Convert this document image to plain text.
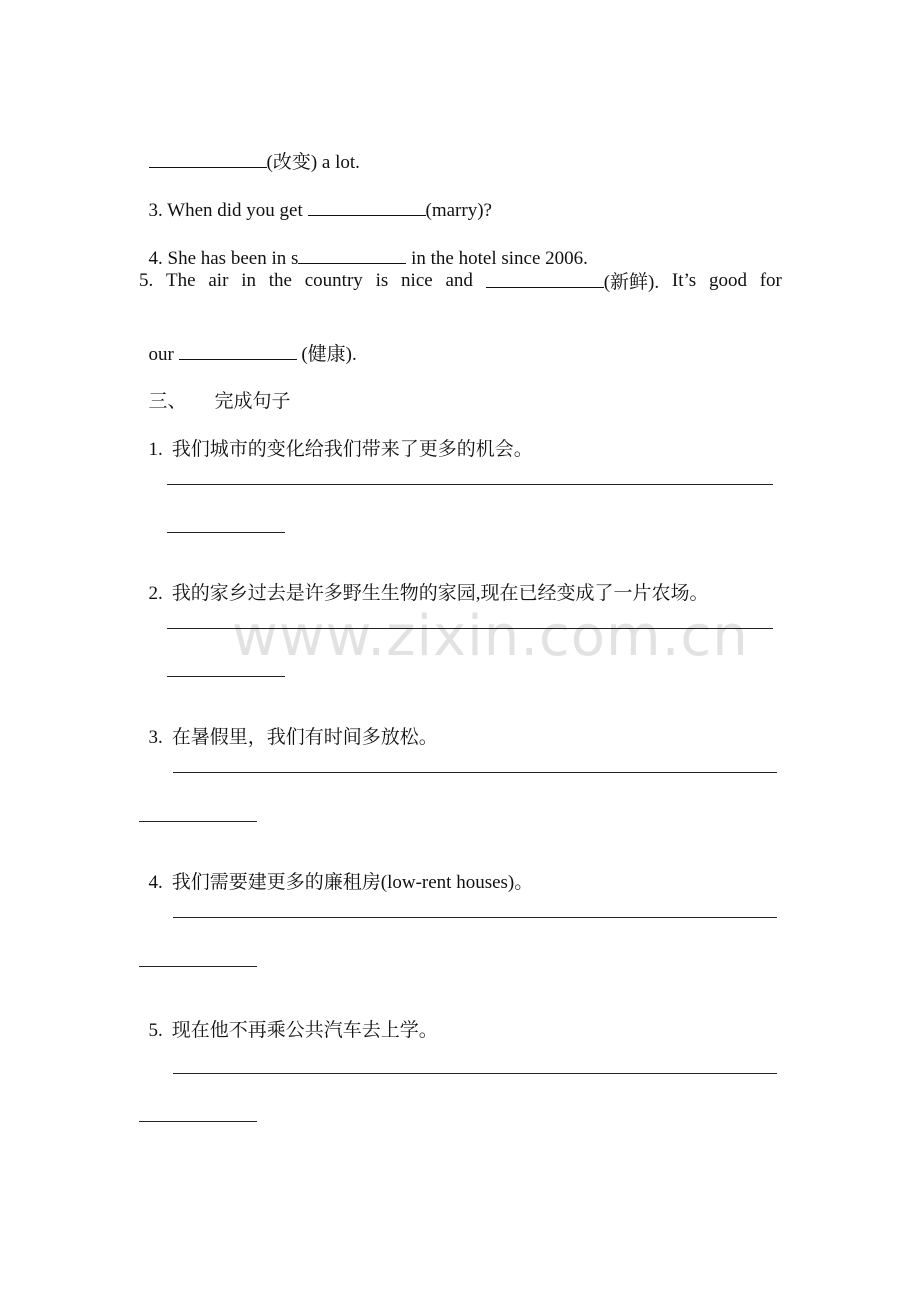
(改变) a lot.

3. When did you get	(marry)?

4. She has been in s	in the hotel since 2006.

5. The air in the country is nice and	(新鲜). It’s good for

our	(健康).

三、 完成句子

1. 我们城市的变化给我们带来了更多的机会。

2. 我的家乡过去是许多野生生物的家园,现在已经变成了一片农场。

3. 在暑假里，我们有时间多放松。

4. 我们需要建更多的廉租房(low-rent houses)。

5. 现在他不再乘公共汽车去上学。

www.zixin.com.cn
